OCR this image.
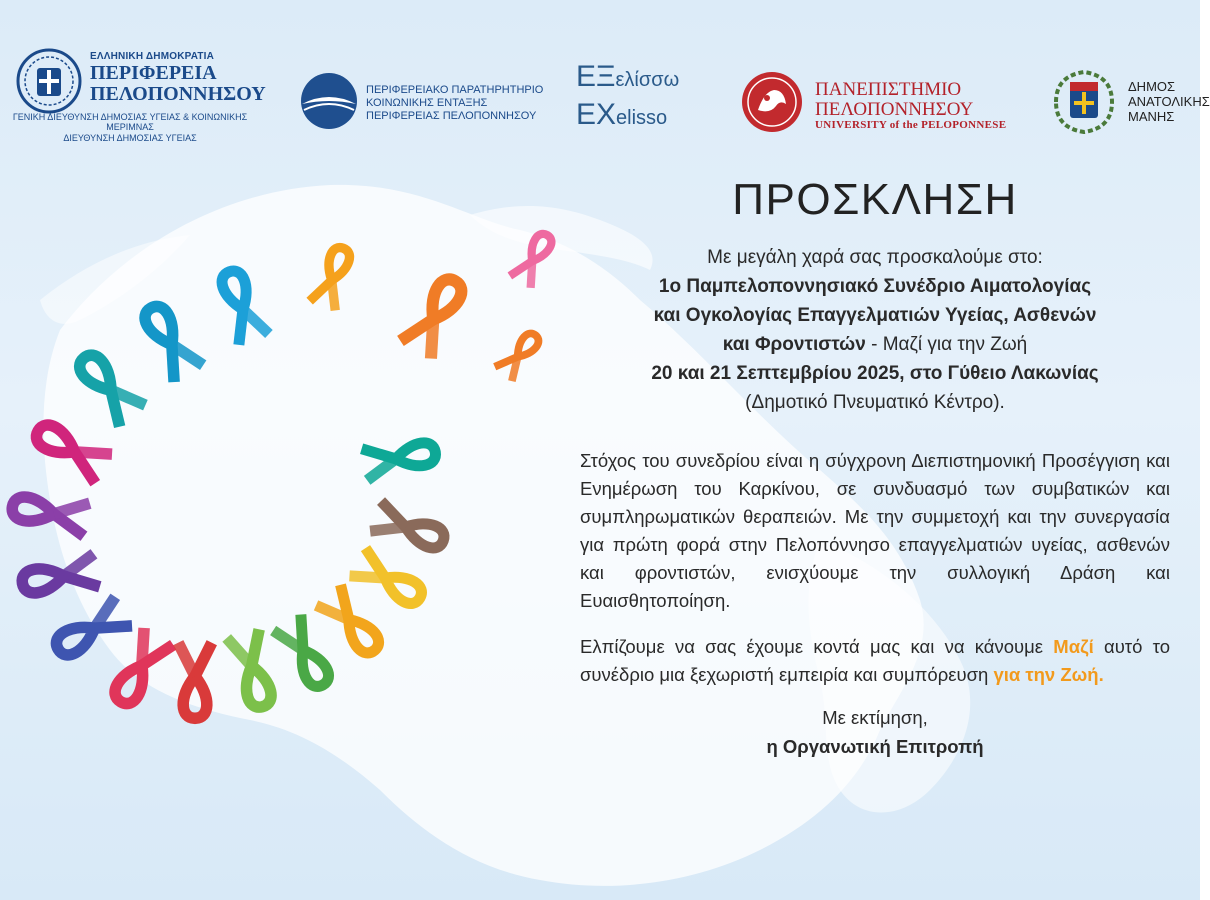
ΕΛΛΗΝΙΚΗ ΔΗΜΟΚΡΑΤΙΑ
ΠΕΡΙΦΕΡΕΙΑ
ΠΕΛΟΠΟΝΝΗΣΟΥ
ΓΕΝΙΚΗ ΔΙΕΥΘΥΝΣΗ ΔΗΜΟΣΙΑΣ ΥΓΕΙΑΣ & ΚΟΙΝΩΝΙΚΗΣ ΜΕΡΙΜΝΑΣ
ΔΙΕΥΘΥΝΣΗ ΔΗΜΟΣΙΑΣ ΥΓΕΙΑΣ
ΠΕΡΙΦΕΡΕΙΑΚΟ ΠΑΡΑΤΗΡΗΤΗΡΙΟ
ΚΟΙΝΩΝΙΚΗΣ ΕΝΤΑΞΗΣ
ΠΕΡΙΦΕΡΕΙΑΣ ΠΕΛΟΠΟΝΝΗΣΟΥ
ΕΞελίσσω
EXelisso
ΠΑΝΕΠΙΣΤΗΜΙΟ
ΠΕΛΟΠΟΝΝΗΣΟΥ
UNIVERSITY of the PELOPONNESE
ΔΗΜΟΣ
ΑΝΑΤΟΛΙΚΗΣ
ΜΑΝΗΣ
ΠΡΟΣΚΛΗΣΗ
Με μεγάλη χαρά σας προσκαλούμε στο:
1ο Παμπελοποννησιακό Συνέδριο Αιματολογίας
και Ογκολογίας Επαγγελματιών Υγείας, Ασθενών
και Φροντιστών - Μαζί για την Ζωή
20 και 21 Σεπτεμβρίου 2025, στο Γύθειο Λακωνίας
(Δημοτικό Πνευματικό Κέντρο).
Στόχος του συνεδρίου είναι η σύγχρονη Διεπιστημονική Προσέγγιση και Ενημέρωση του Καρκίνου, σε συνδυασμό των συμβατικών και συμπληρωματικών θεραπειών. Με την συμμετοχή και την συνεργασία για πρώτη φορά στην Πελοπόννησο επαγγελματιών υγείας, ασθενών και φροντιστών, ενισχύουμε την συλλογική Δράση και Ευαισθητοποίηση.
Ελπίζουμε να σας έχουμε κοντά μας και να κάνουμε Μαζί αυτό το συνέδριο μια ξεχωριστή εμπειρία και συμπόρευση για την Ζωή.
Με εκτίμηση,
η Οργανωτική Επιτροπή
